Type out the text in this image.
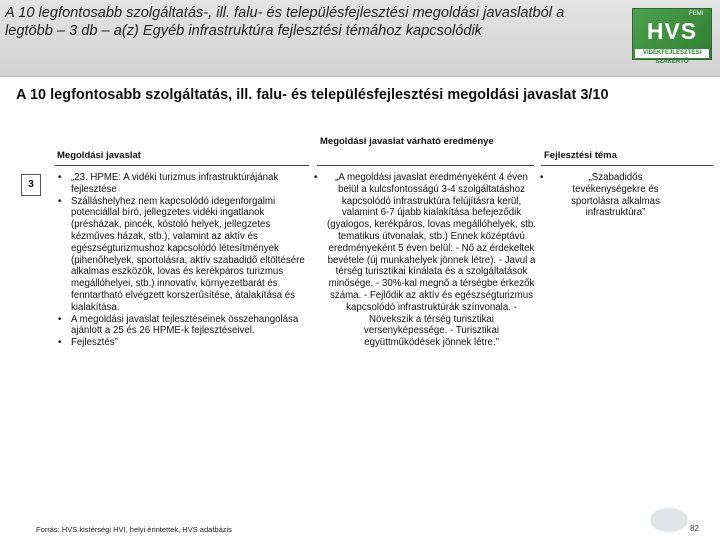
A 10 legfontosabb szolgáltatás-, ill. falu- és településfejlesztési megoldási javaslatból a legtöbb – 3 db – a(z) Egyéb infrastruktúra fejlesztési témához kapcsolódik
FEMI
HVS
VIDÉKFEJLESZTÉSI SZAKÉRTŐ
A 10 legfontosabb szolgáltatás, ill. falu- és településfejlesztési megoldási javaslat 3/10
Megoldási javaslat
Megoldási javaslat várható eredménye
Fejlesztési téma
3
• „23. HPME: A vidéki turizmus infrastruktúrájának fejlesztése
• Szálláshelyhez nem kapcsolódó idegenforgalmi potenciállal bíró, jellegzetes vidéki ingatlanok (présházak, pincék, kóstoló helyek, jellegzetes kézműves házak, stb.), valamint az aktív és egészségturizmushoz kapcsolódó létesítmények (pihenőhelyek, sportolásra, aktív szabadidő eltöltésére alkalmas eszközök, lovas és kerékpáros turizmus megállóhelyei, stb.) innovatív, környezetbarát és fenntartható elvégzett korszerűsítése, átalakítása és kialakítása.
• A megoldási javaslat fejlesztéseinek összehangolása ajánlott a 25 és 26 HPME-k fejlesztéseivel.
• Fejlesztés”
• „A megoldási javaslat eredményeként 4 éven belül a kulcsfontosságú 3-4 szolgáltatáshoz kapcsolódó infrastruktúra felújításra kerül, valamint 6-7 újabb kialakítása befejeződik (gyalogos, kerékpáros, lovas megállóhelyek, stb. tematikus útvonalak, stb.) Ennek középtávú eredményeként 5 éven belül: - Nő az érdekeltek bevétele (új munkahelyek jönnek létre). - Javul a térség turisztikai kínálata és a szolgáltatások minősége. - 30%-kal megnő a térségbe érkezők száma. - Fejlődik az aktív és egészségturizmus kapcsolódó infrastruktúrák színvonala. - Növekszik a térség turisztikai versenyképessége. - Turisztikai együttműködések jönnek létre.”
• „Szabadidős tevékenységekre és sportolásra alkalmas infrastruktúra”
Forrás: HVS kistérségi HVI, helyi érintettek, HVS adatbázis	82
